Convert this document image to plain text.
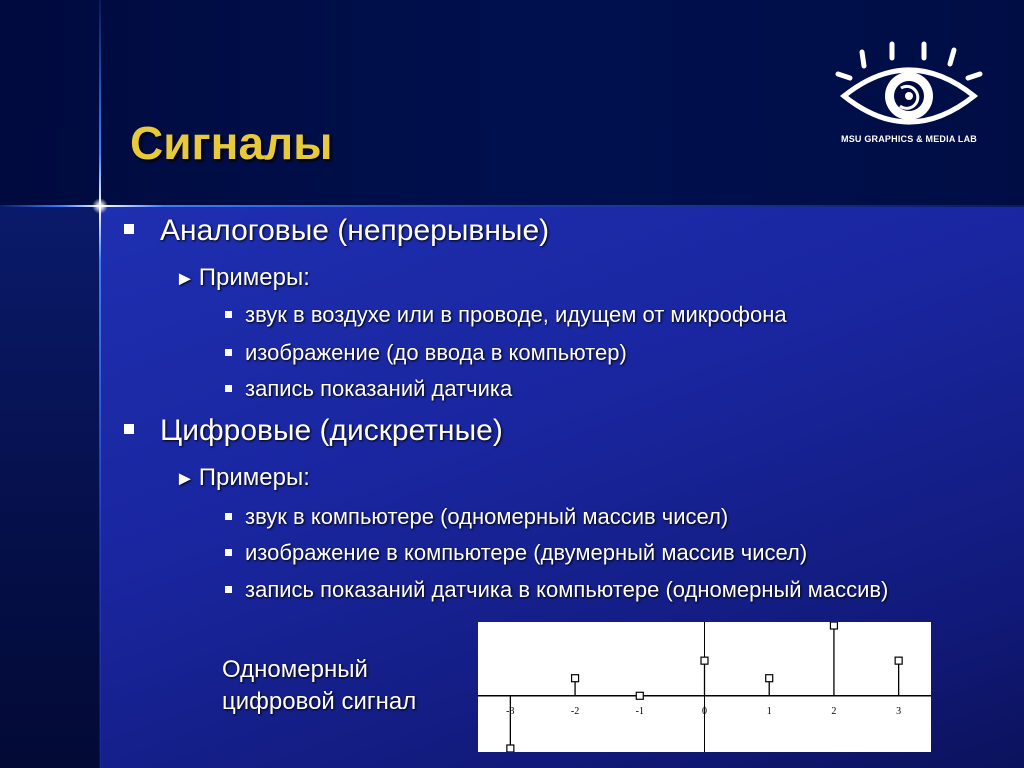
Сигналы	MSU GRAPHICS & MEDIA LAB
Аналоговые (непрерывные)
► Примеры:
звук в воздухе или в проводе, идущем от микрофона
изображение (до ввода в компьютер)
запись показаний датчика
Цифровые (дискретные)
► Примеры:
звук в компьютере (одномерный массив чисел)
изображение в компьютере (двумерный массив чисел)
запись показаний датчика в компьютере (одномерный массив)
Одномерный
цифровой сигнал	-3	-2	-1	0	1	2	3
